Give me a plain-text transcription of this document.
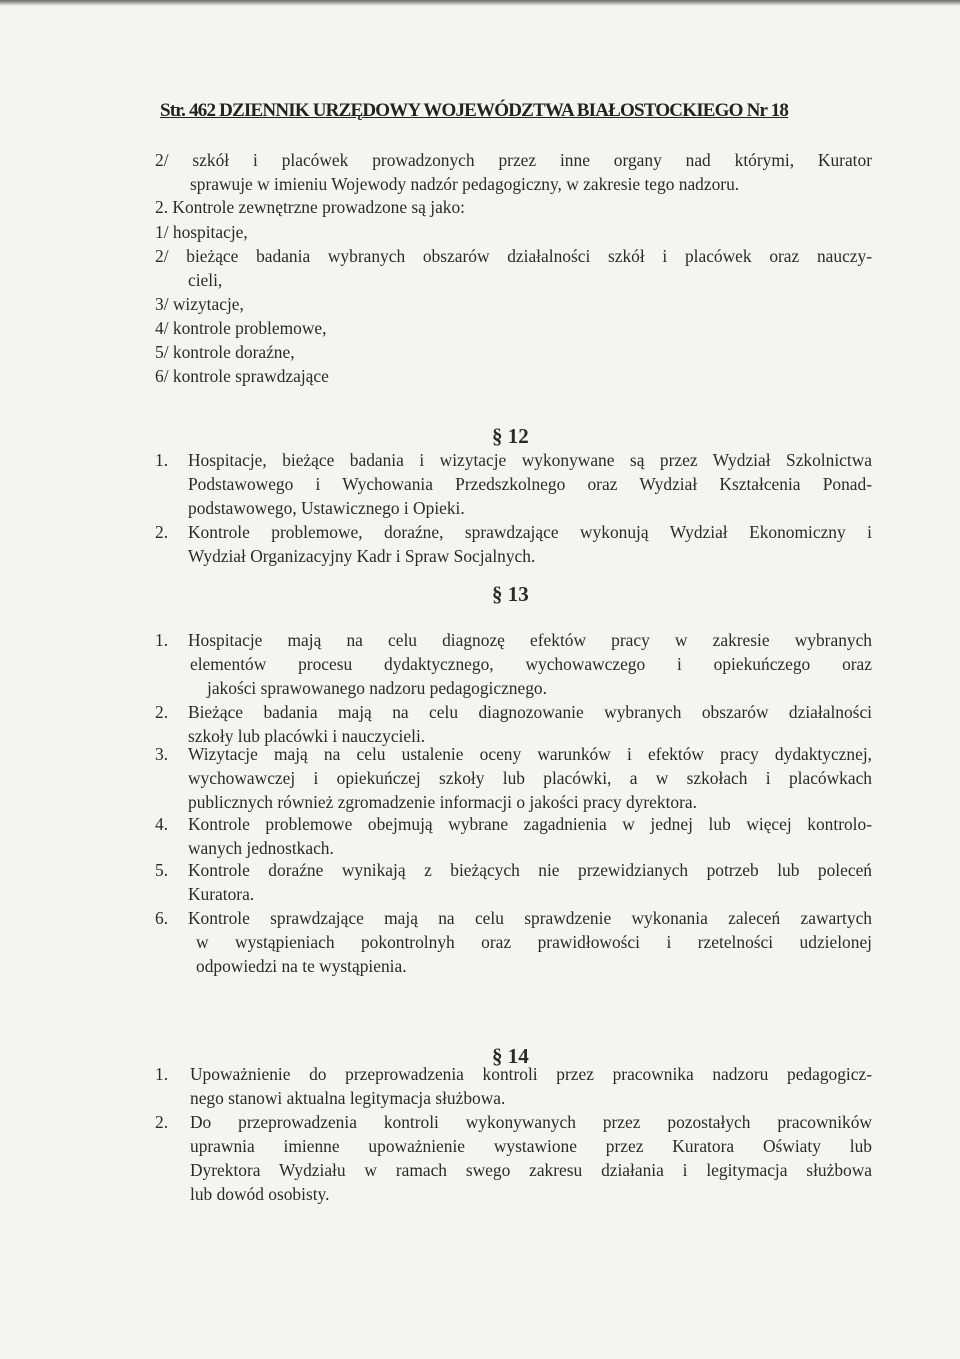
Str. 462 DZIENNIK URZĘDOWY WOJEWÓDZTWA BIAŁOSTOCKIEGO Nr 18
2/ szkół i placówek prowadzonych przez inne organy nad którymi, Kurator
sprawuje w imieniu Wojewody nadzór pedagogiczny, w zakresie tego nadzoru.
2. Kontrole zewnętrzne prowadzone są jako:
1/ hospitacje,
2/ bieżące badania wybranych obszarów działalności szkół i placówek oraz nauczy-
cieli,
3/ wizytacje,
4/ kontrole problemowe,
5/ kontrole doraźne,
6/ kontrole sprawdzające
§ 12
1. Hospitacje, bieżące badania i wizytacje wykonywane są przez Wydział Szkolnictwa
Podstawowego i Wychowania Przedszkolnego oraz Wydział Kształcenia Ponad-
podstawowego, Ustawicznego i Opieki.
2. Kontrole problemowe, doraźne, sprawdzające wykonują Wydział Ekonomiczny i
Wydział Organizacyjny Kadr i Spraw Socjalnych.
§ 13
1. Hospitacje mają na celu diagnozę efektów pracy w zakresie wybranych
elementów procesu dydaktycznego, wychowawczego i opiekuńczego oraz
jakości sprawowanego nadzoru pedagogicznego.
2. Bieżące badania mają na celu diagnozowanie wybranych obszarów działalności
szkoły lub placówki i nauczycieli.
3. Wizytacje mają na celu ustalenie oceny warunków i efektów pracy dydaktycznej,
wychowawczej i opiekuńczej szkoły lub placówki, a w szkołach i placówkach
publicznych również zgromadzenie informacji o jakości pracy dyrektora.
4. Kontrole problemowe obejmują wybrane zagadnienia w jednej lub więcej kontrolo-
wanych jednostkach.
5. Kontrole doraźne wynikają z bieżących nie przewidzianych potrzeb lub poleceń
Kuratora.
6. Kontrole sprawdzające mają na celu sprawdzenie wykonania zaleceń zawartych
w wystąpieniach pokontrolnyh oraz prawidłowości i rzetelności udzielonej
odpowiedzi na te wystąpienia.
§ 14
1. Upoważnienie do przeprowadzenia kontroli przez pracownika nadzoru pedagogicz-
nego stanowi aktualna legitymacja służbowa.
2. Do przeprowadzenia kontroli wykonywanych przez pozostałych pracowników
uprawnia imienne upoważnienie wystawione przez Kuratora Oświaty lub
Dyrektora Wydziału w ramach swego zakresu działania i legitymacja służbowa
lub dowód osobisty.
